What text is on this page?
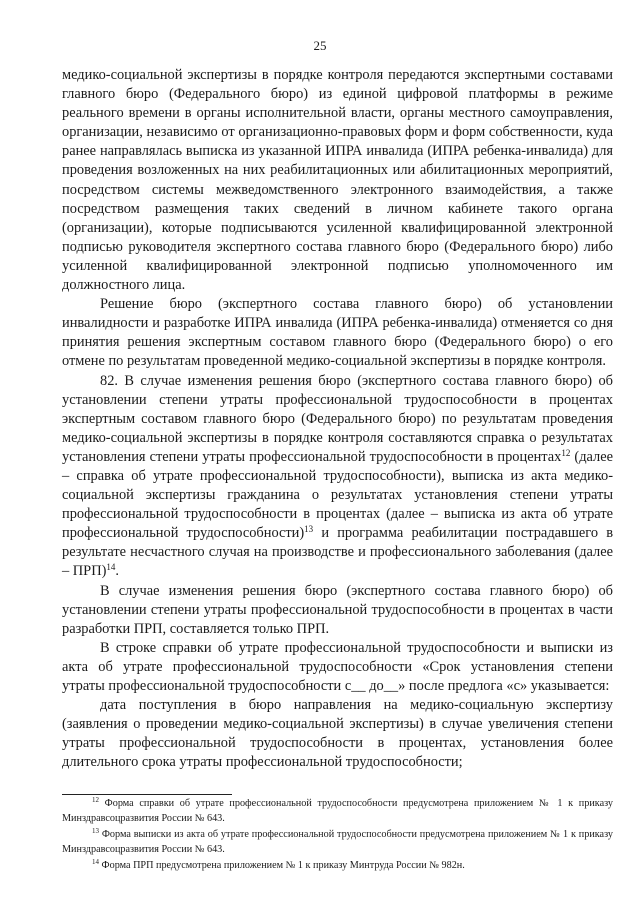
25

медико-социальной экспертизы в порядке контроля передаются экспертными составами главного бюро (Федерального бюро) из единой цифровой платформы в режиме реального времени в органы исполнительной власти, органы местного самоуправления, организации, независимо от организационно-правовых форм и форм собственности, куда ранее направлялась выписка из указанной ИПРА инвалида (ИПРА ребенка-инвалида) для проведения возложенных на них реабилитационных или абилитационных мероприятий, посредством системы межведомственного электронного взаимодействия, а также посредством размещения таких сведений в личном кабинете такого органа (организации), которые подписываются усиленной квалифицированной электронной подписью руководителя экспертного состава главного бюро (Федерального бюро) либо усиленной квалифицированной электронной подписью уполномоченного им должностного лица.

Решение бюро (экспертного состава главного бюро) об установлении инвалидности и разработке ИПРА инвалида (ИПРА ребенка-инвалида) отменяется со дня принятия решения экспертным составом главного бюро (Федерального бюро) о его отмене по результатам проведенной медико-социальной экспертизы в порядке контроля.

82. В случае изменения решения бюро (экспертного состава главного бюро) об установлении степени утраты профессиональной трудоспособности в процентах экспертным составом главного бюро (Федерального бюро) по результатам проведения медико-социальной экспертизы в порядке контроля составляются справка о результатах установления степени утраты профессиональной трудоспособности в процентах$^{12}$ (далее – справка об утрате профессиональной трудоспособности), выписка из акта медико-социальной экспертизы гражданина о результатах установления степени утраты профессиональной трудоспособности в процентах (далее – выписка из акта об утрате профессиональной трудоспособности)$^{13}$ и программа реабилитации пострадавшего в результате несчастного случая на производстве и профессионального заболевания (далее – ПРП)$^{14}$.

В случае изменения решения бюро (экспертного состава главного бюро) об установлении степени утраты профессиональной трудоспособности в процентах в части разработки ПРП, составляется только ПРП.

В строке справки об утрате профессиональной трудоспособности и выписки из акта об утрате профессиональной трудоспособности «Срок установления степени утраты профессиональной трудоспособности с__ до__» после предлога «с» указывается:

дата поступления в бюро направления на медико-социальную экспертизу (заявления о проведении медико-социальной экспертизы) в случае увеличения степени утраты профессиональной трудоспособности в процентах, установления более длительного срока утраты профессиональной трудоспособности;

$^{12}$ Форма справки об утрате профессиональной трудоспособности предусмотрена приложением № 1 к приказу Минздравсоцразвития России № 643.

$^{13}$ Форма выписки из акта об утрате профессиональной трудоспособности предусмотрена приложением № 1 к приказу Минздравсоцразвития России № 643.

$^{14}$ Форма ПРП предусмотрена приложением № 1 к приказу Минтруда России № 982н.
